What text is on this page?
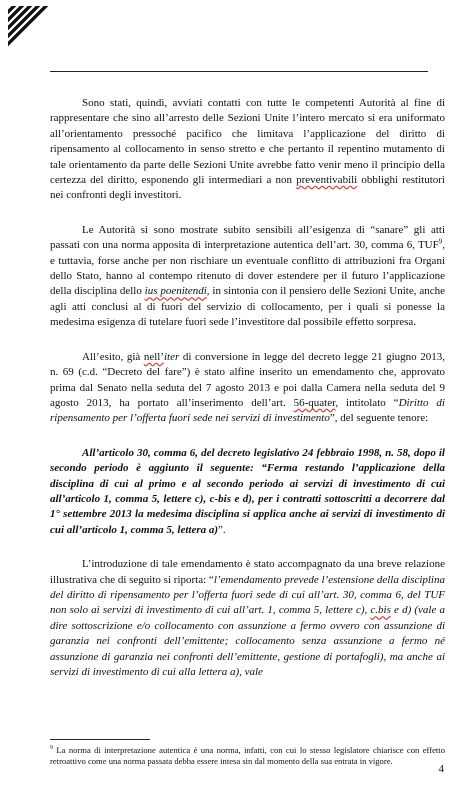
Sono stati, quindi, avviati contatti con tutte le competenti Autorità al fine di rappresentare che sino all’arresto delle Sezioni Unite l’intero mercato si era uniformato all’orientamento pressoché pacifico che limitava l’applicazione del diritto di ripensamento al collocamento in senso stretto e che pertanto il repentino mutamento di tale orientamento da parte delle Sezioni Unite avrebbe fatto venir meno il principio della certezza del diritto, esponendo gli intermediari a non preventivabili obblighi restitutori nei confronti degli investitori.

Le Autorità si sono mostrate subito sensibili all’esigenza di “sanare” gli atti passati con una norma apposita di interpretazione autentica dell’art. 30, comma 6, TUF$^9$, e tuttavia, forse anche per non rischiare un eventuale conflitto di attribuzioni fra Organi dello Stato, hanno al contempo ritenuto di dover estendere per il futuro l’applicazione della disciplina dello ius poenitendi, in sintonia con il pensiero delle Sezioni Unite, anche agli atti conclusi al di fuori del servizio di collocamento, per i quali si ponesse la medesima esigenza di tutelare fuori sede l’investitore dal possibile effetto sorpresa.

All’esito, già nell’iter di conversione in legge del decreto legge 21 giugno 2013, n. 69 (c.d. “Decreto del fare”) è stato alfine inserito un emendamento che, approvato prima dal Senato nella seduta del 7 agosto 2013 e poi dalla Camera nella seduta del 9 agosto 2013, ha portato all’inserimento dell’art. 56-quater, intitolato “Diritto di ripensamento per l’offerta fuori sede nei servizi di investimento”, del seguente tenore:

All’articolo 30, comma 6, del decreto legislativo 24 febbraio 1998, n. 58, dopo il secondo periodo è aggiunto il seguente: “Ferma restando l’applicazione della disciplina di cui al primo e al secondo periodo ai servizi di investimento di cui all’articolo 1, comma 5, lettere c), c-bis e d), per i contratti sottoscritti a decorrere dal 1° settembre 2013 la medesima disciplina si applica anche ai servizi di investimento di cui all’articolo 1, comma 5, lettera a)”.

L’introduzione di tale emendamento è stato accompagnato da una breve relazione illustrativa che di seguito si riporta: “l’emendamento prevede l’estensione della disciplina del diritto di ripensamento per l’offerta fuori sede di cui all’art. 30, comma 6, del TUF non solo ai servizi di investimento di cui all’art. 1, comma 5, lettere c), c.bis e d) (vale a dire sottoscrizione e/o collocamento con assunzione a fermo ovvero con assunzione di garanzia nei confronti dell’emittente; collocamento senza assunzione a fermo né assunzione di garanzia nei confronti dell’emittente, gestione di portafogli), ma anche ai servizi di investimento di cui alla lettera a), vale

$^9$ La norma di interpretazione autentica è una norma, infatti, con cui lo stesso legislatore chiarisce con effetto retroattivo come una norma passata debba essere intesa sin dal momento della sua entrata in vigore.
4
